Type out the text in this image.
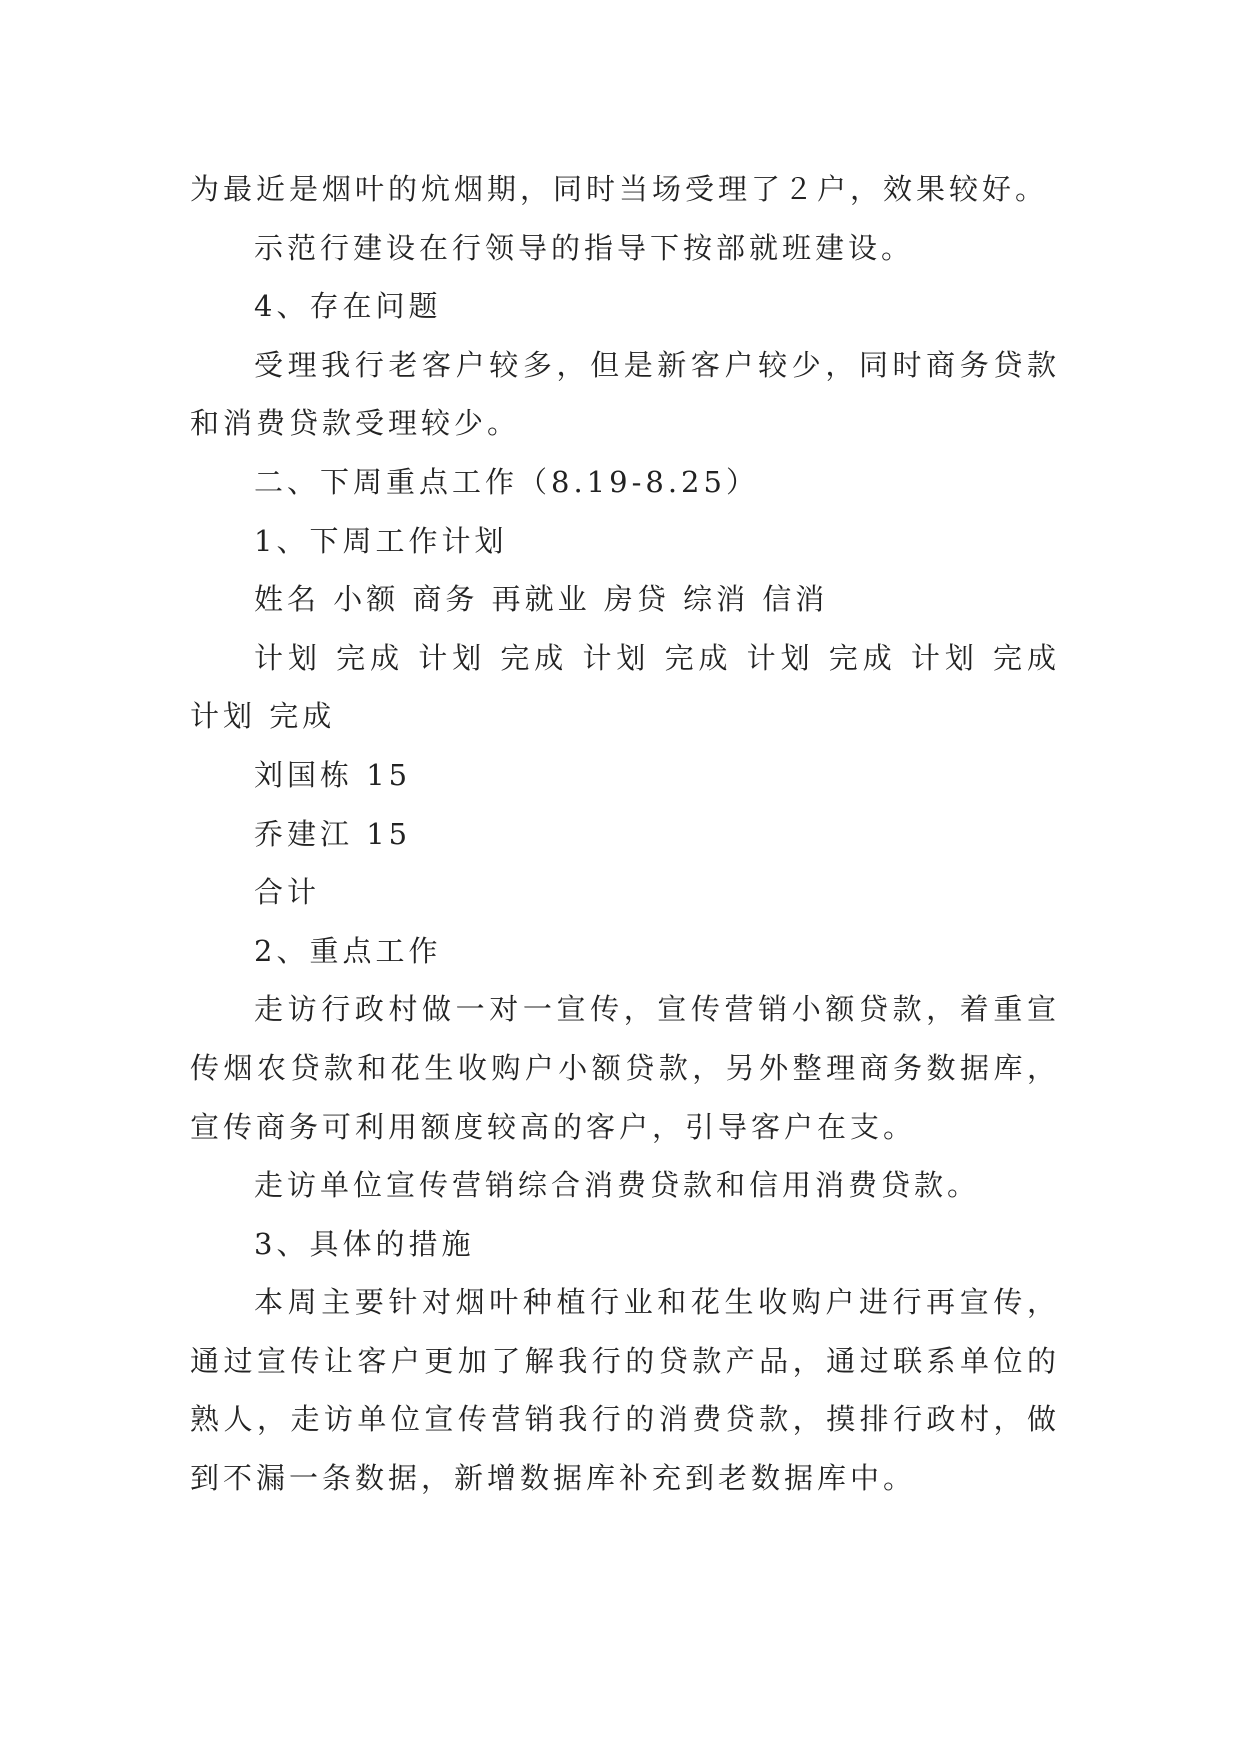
为最近是烟叶的炕烟期，同时当场受理了２户，效果较好。

示范行建设在行领导的指导下按部就班建设。

4、存在问题

受理我行老客户较多，但是新客户较少，同时商务贷款和消费贷款受理较少。

二、下周重点工作（8.19-8.25）

1、下周工作计划

姓名 小额 商务 再就业 房贷 综消 信消

计划 完成 计划 完成 计划 完成 计划 完成 计划 完成 计划 完成

刘国栋 15

乔建江 15

合计

2、重点工作

走访行政村做一对一宣传，宣传营销小额贷款，着重宣传烟农贷款和花生收购户小额贷款，另外整理商务数据库，宣传商务可利用额度较高的客户，引导客户在支。

走访单位宣传营销综合消费贷款和信用消费贷款。

3、具体的措施

本周主要针对烟叶种植行业和花生收购户进行再宣传，通过宣传让客户更加了解我行的贷款产品，通过联系单位的熟人，走访单位宣传营销我行的消费贷款，摸排行政村，做到不漏一条数据，新增数据库补充到老数据库中。
